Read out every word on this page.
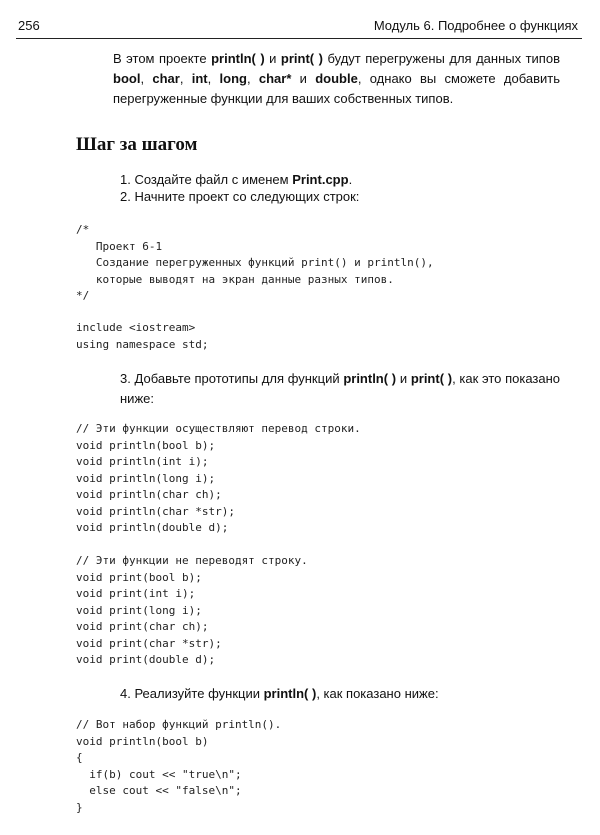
256	Модуль 6. Подробнее о функциях

В этом проекте println( ) и print( ) будут перегружены для данных типов bool, char, int, long, char* и double, однако вы сможете добавить перегруженные функции для ваших собственных типов.

Шаг за шагом

1. Создайте файл с именем Print.cpp.

2. Начните проект со следующих строк:

/*
Проект 6-1
Создание перегруженных функций print() и println(),
которые выводят на экран данные разных типов.
*/
include <iostream>
using namespace std;

3. Добавьте прототипы для функций println( ) и print( ), как это показано ниже:

// Эти функции осуществляют перевод строки.
void println(bool b);
void println(int i);
void println(long i);
void println(char ch);
void println(char *str);
void println(double d);
// Эти функции не переводят строку.
void print(bool b);
void print(int i);
void print(long i);
void print(char ch);
void print(char *str);
void print(double d);

4. Реализуйте функции println( ), как показано ниже:

// Вот набор функций println().
void println(bool b)
{
if(b) cout << "true\n";
else cout << "false\n";
}
